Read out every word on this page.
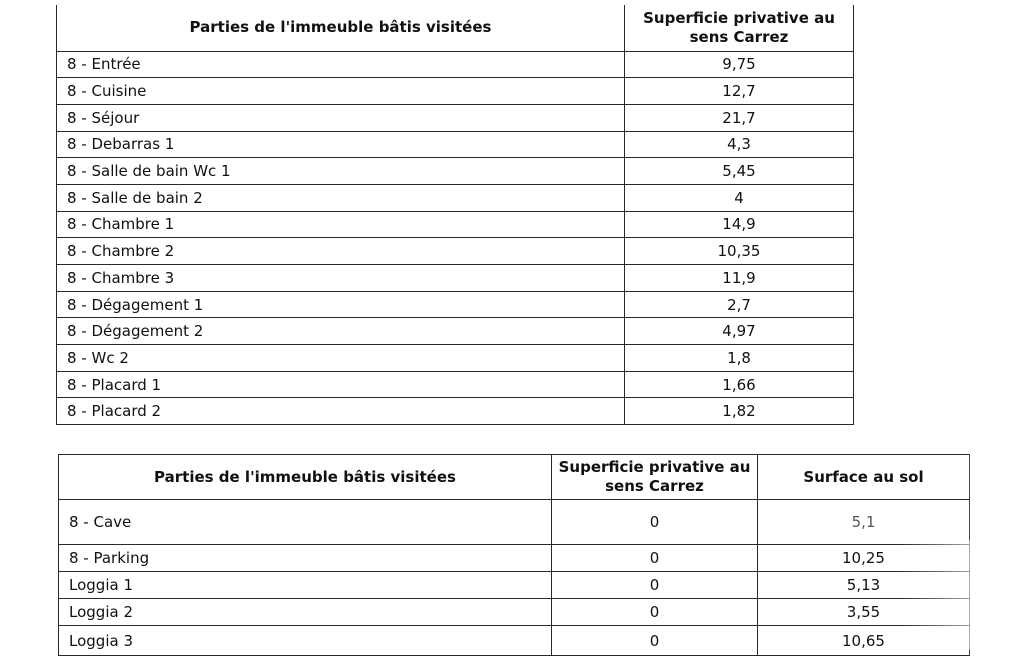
Parties de l'immeuble bâtis visitées	Superficie privative au sens Carrez
8 - Entrée	9,75
8 - Cuisine	12,7
8 - Séjour	21,7
8 - Debarras 1	4,3
8 - Salle de bain Wc 1	5,45
8 - Salle de bain 2	4
8 - Chambre 1	14,9
8 - Chambre 2	10,35
8 - Chambre 3	11,9
8 - Dégagement 1	2,7
8 - Dégagement 2	4,97
8 - Wc 2	1,8
8 - Placard 1	1,66
8 - Placard 2	1,82
Parties de l'immeuble bâtis visitées	Superficie privative au sens Carrez	Surface au sol
8 - Cave	0	5,1
8 - Parking	0	10,25
Loggia 1	0	5,13
Loggia 2	0	3,55
Loggia 3	0	10,65
